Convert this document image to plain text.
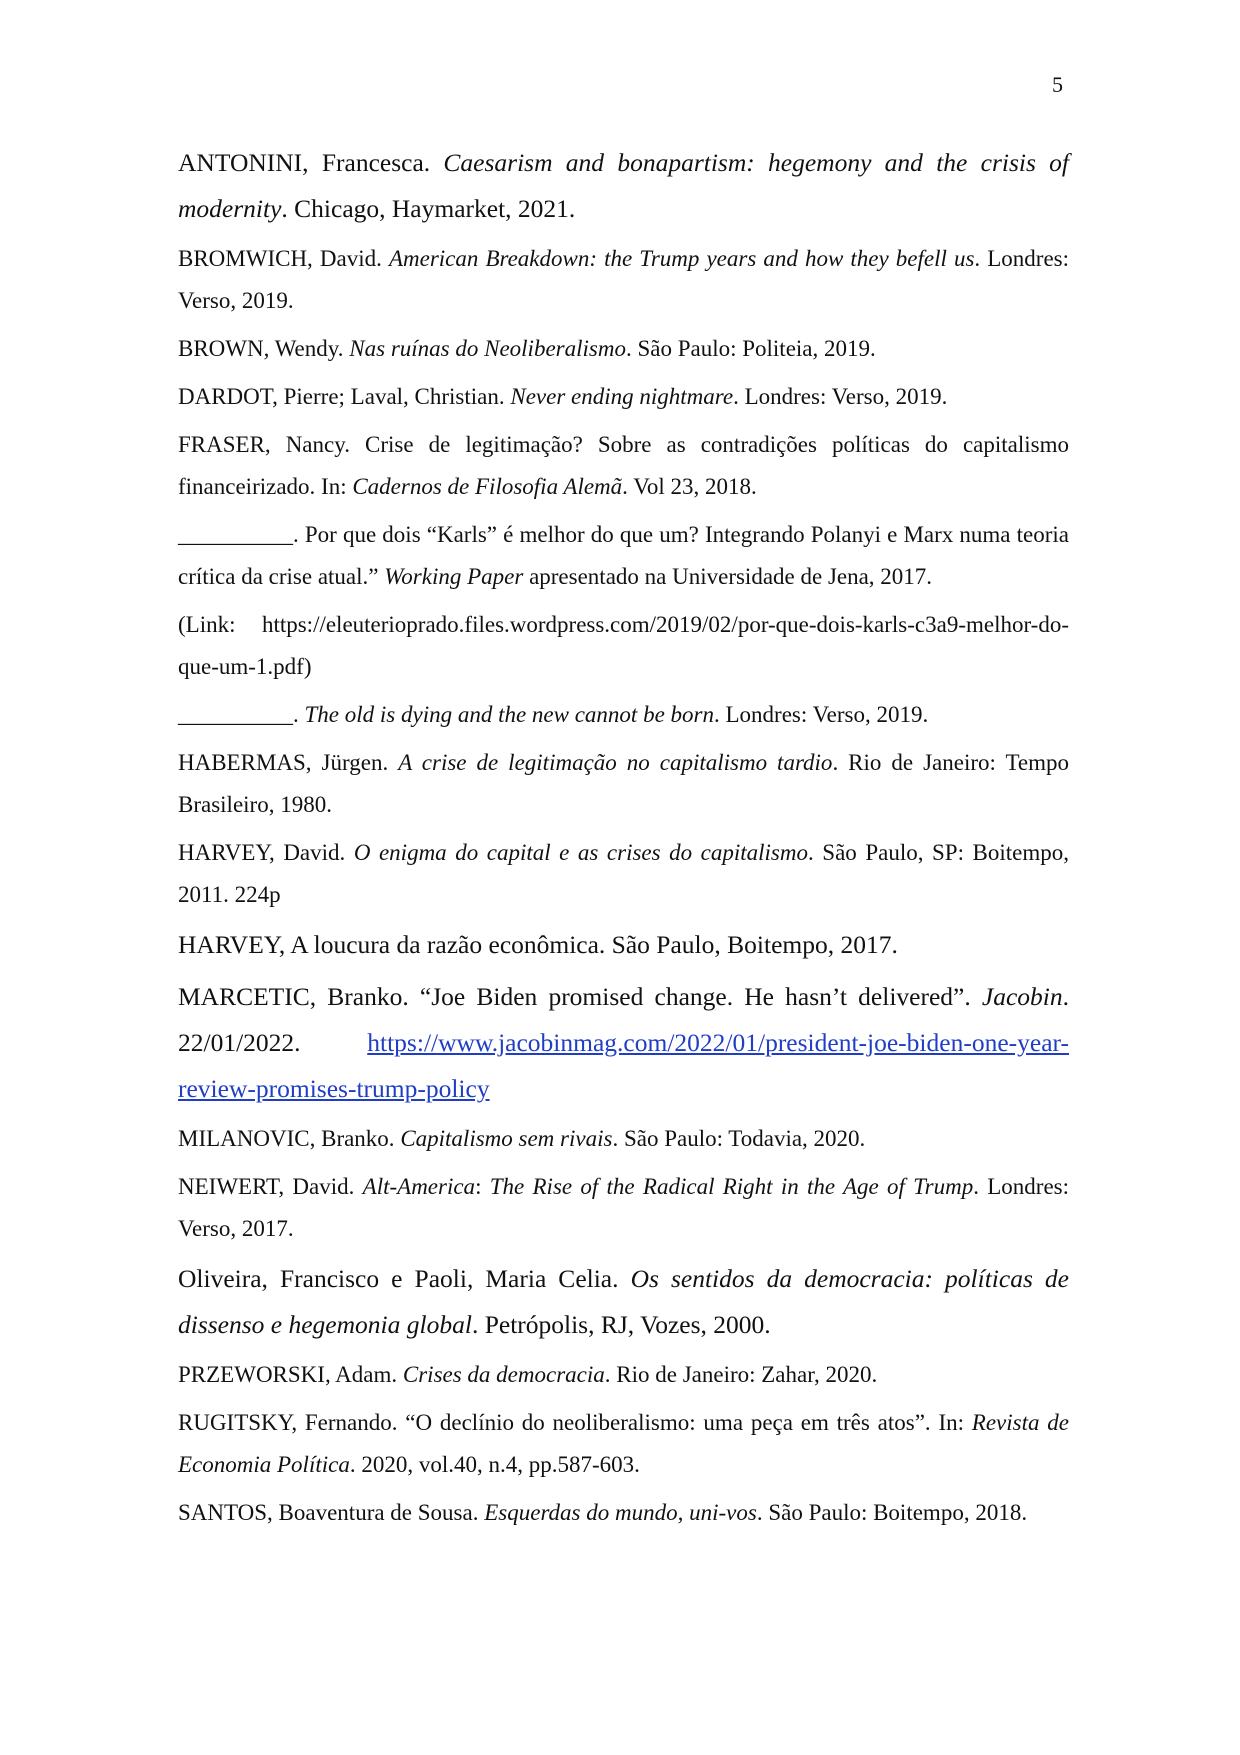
5

ANTONINI, Francesca. Caesarism and bonapartism: hegemony and the crisis of modernity. Chicago, Haymarket, 2021.

BROMWICH, David. American Breakdown: the Trump years and how they befell us. Londres: Verso, 2019.

BROWN, Wendy. Nas ruínas do Neoliberalismo. São Paulo: Politeia, 2019.

DARDOT, Pierre; Laval, Christian. Never ending nightmare. Londres: Verso, 2019.

FRASER, Nancy. Crise de legitimação? Sobre as contradições políticas do capitalismo financeirizado. In: Cadernos de Filosofia Alemã. Vol 23, 2018.

__________. Por que dois “Karls” é melhor do que um? Integrando Polanyi e Marx numa teoria crítica da crise atual.” Working Paper apresentado na Universidade de Jena, 2017.

(Link: https://eleuterioprado.files.wordpress.com/2019/02/por-que-dois-karls-c3a9-melhor-do-que-um-1.pdf)

__________. The old is dying and the new cannot be born. Londres: Verso, 2019.

HABERMAS, Jürgen. A crise de legitimação no capitalismo tardio. Rio de Janeiro: Tempo Brasileiro, 1980.

HARVEY, David. O enigma do capital e as crises do capitalismo. São Paulo, SP: Boitempo, 2011. 224p

HARVEY, A loucura da razão econômica. São Paulo, Boitempo, 2017.

MARCETIC, Branko. “Joe Biden promised change. He hasn’t delivered”. Jacobin. 22/01/2022.	https://www.jacobinmag.com/2022/01/president-joe-biden-one-year-review-promises-trump-policy

MILANOVIC, Branko. Capitalismo sem rivais. São Paulo: Todavia, 2020.

NEIWERT, David. Alt-America: The Rise of the Radical Right in the Age of Trump. Londres: Verso, 2017.

Oliveira, Francisco e Paoli, Maria Celia. Os sentidos da democracia: políticas de dissenso e hegemonia global. Petrópolis, RJ, Vozes, 2000.

PRZEWORSKI, Adam. Crises da democracia. Rio de Janeiro: Zahar, 2020.

RUGITSKY, Fernando. “O declínio do neoliberalismo: uma peça em três atos”. In: Revista de Economia Política. 2020, vol.40, n.4, pp.587-603.

SANTOS, Boaventura de Sousa. Esquerdas do mundo, uni-vos. São Paulo: Boitempo, 2018.
